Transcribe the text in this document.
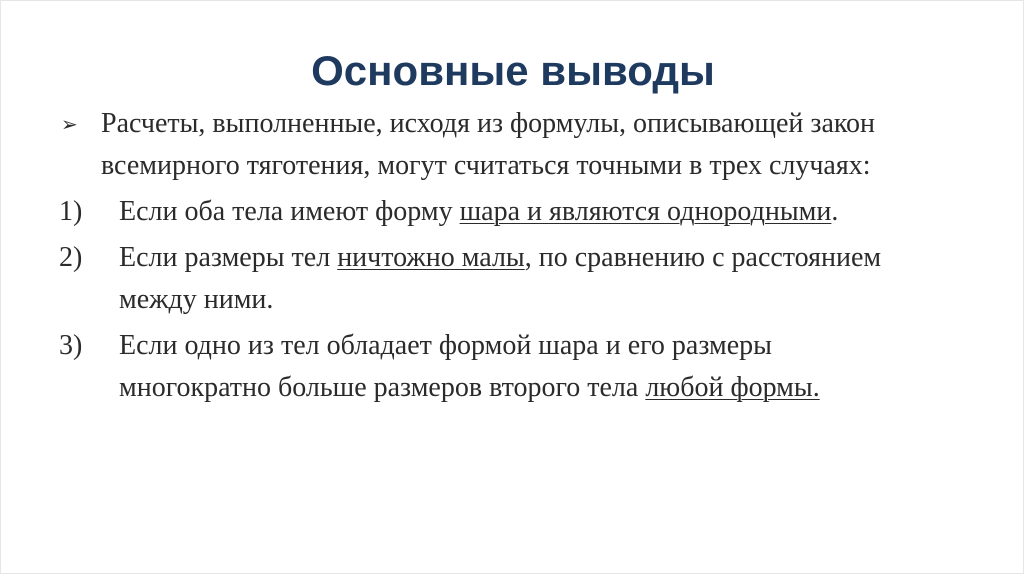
Основные выводы
➢ Расчеты, выполненные, исходя из формулы, описывающей закон всемирного тяготения, могут считаться точными в трех случаях:
1)	Если оба тела имеют форму шара и являются однородными.
2)	Если размеры тел ничтожно малы, по сравнению с расстоянием между ними.
3)	Если одно из тел обладает формой шара и его размеры многократно больше размеров второго тела любой формы.
